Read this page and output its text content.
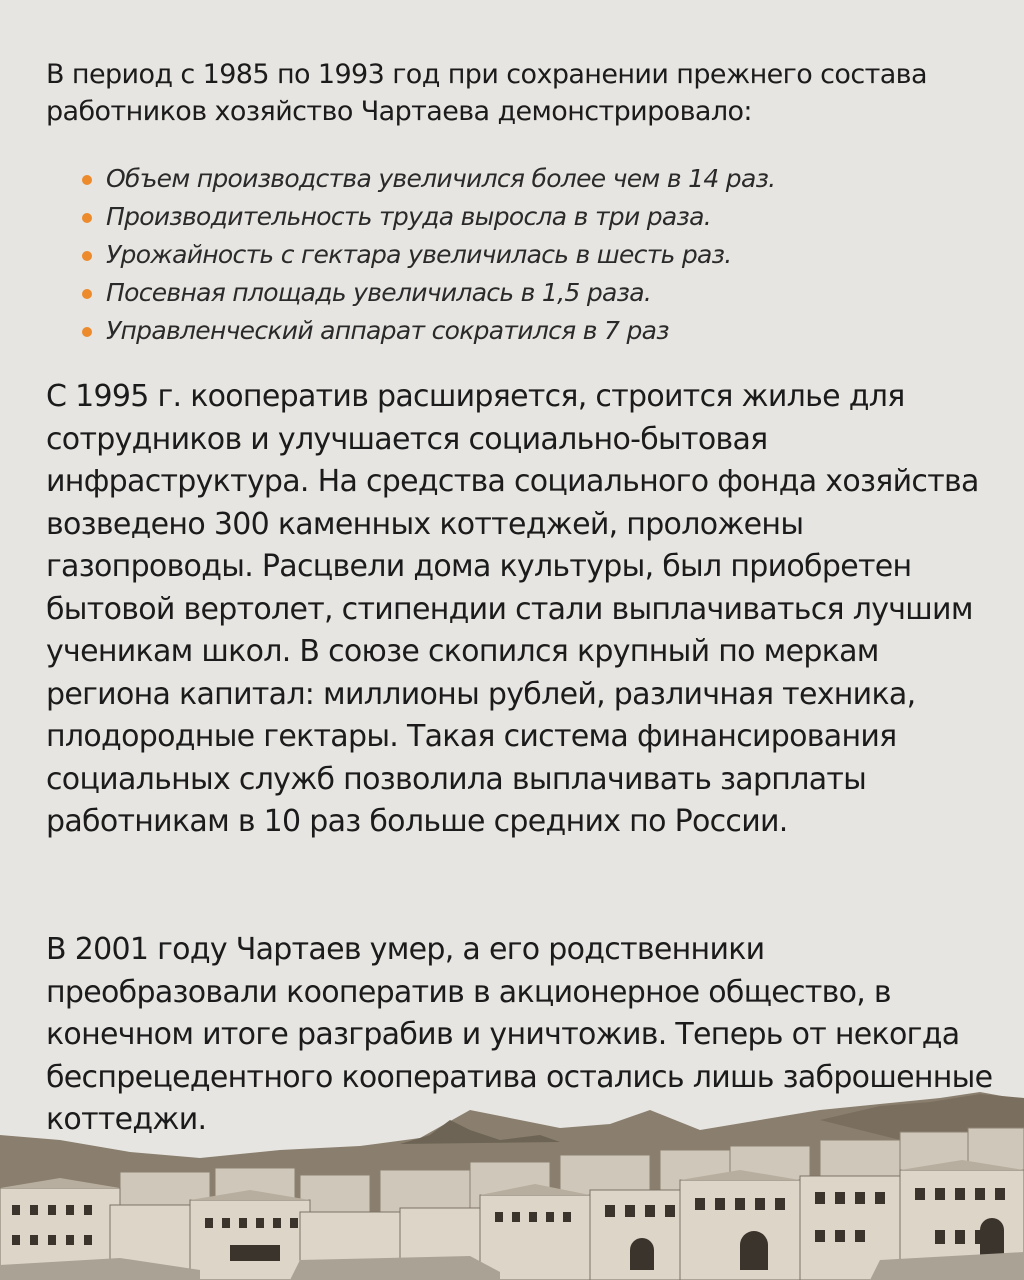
В период с 1985 по 1993 год при сохранении прежнего состава работников хозяйство Чартаева демонстрировало:

Объем производства увеличился более чем в 14 раз.
Производительность труда выросла в три раза.
Урожайность с гектара увеличилась в шесть раз.
Посевная площадь увеличилась в 1,5 раза.
Управленческий аппарат сократился в 7 раз

С 1995 г. кооператив расширяется, строится жилье для сотрудников и улучшается социально-бытовая инфраструктура. На средства социального фонда хозяйства возведено 300 каменных коттеджей, проложены газопроводы. Расцвели дома культуры, был приобретен бытовой вертолет, стипендии стали выплачиваться лучшим ученикам школ. В союзе скопился крупный по меркам региона капитал: миллионы рублей, различная техника, плодородные гектары. Такая система финансирования социальных служб позволила выплачивать зарплаты работникам в 10 раз больше средних по России.

В 2001 году Чартаев умер, а его родственники преобразовали кооператив в акционерное общество, в конечном итоге разграбив и уничтожив. Теперь от некогда беспрецедентного кооператива остались лишь заброшенные коттеджи.
